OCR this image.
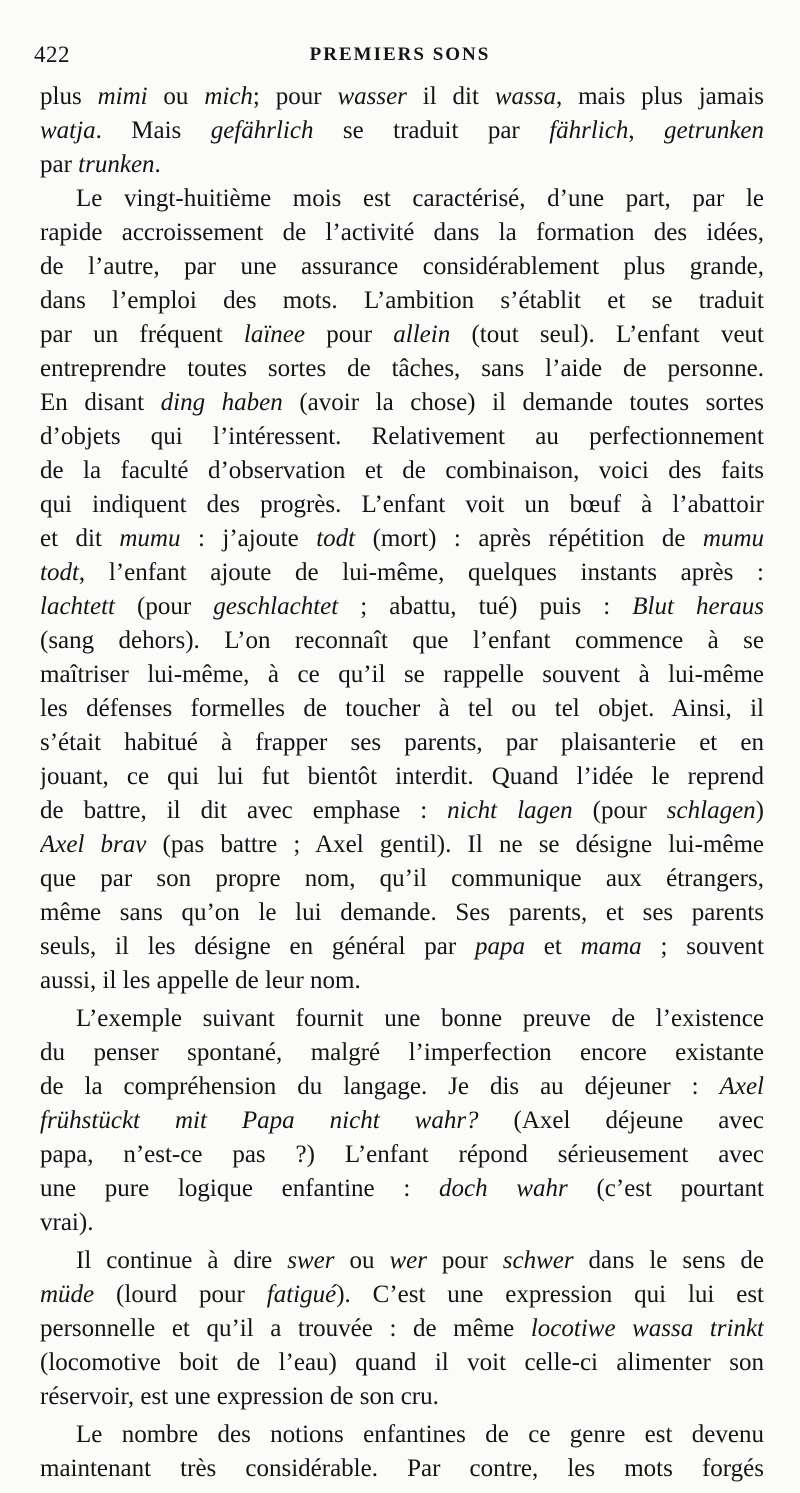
422	PREMIERS SONS
plus mimi ou mich; pour wasser il dit wassa, mais plus jamais
watja. Mais gefährlich se traduit par fährlich, getrunken
par trunken.
Le vingt-huitième mois est caractérisé, d’une part, par le
rapide accroissement de l’activité dans la formation des idées,
de l’autre, par une assurance considérablement plus grande,
dans l’emploi des mots. L’ambition s’établit et se traduit
par un fréquent laïnee pour allein (tout seul). L’enfant veut
entreprendre toutes sortes de tâches, sans l’aide de personne.
En disant ding haben (avoir la chose) il demande toutes sortes
d’objets qui l’intéressent. Relativement au perfectionnement
de la faculté d’observation et de combinaison, voici des faits
qui indiquent des progrès. L’enfant voit un bœuf à l’abattoir
et dit mumu : j’ajoute todt (mort) : après répétition de mumu
todt, l’enfant ajoute de lui-même, quelques instants après :
lachtett (pour geschlachtet ; abattu, tué) puis : Blut heraus
(sang dehors). L’on reconnaît que l’enfant commence à se
maîtriser lui-même, à ce qu’il se rappelle souvent à lui-même
les défenses formelles de toucher à tel ou tel objet. Ainsi, il
s’était habitué à frapper ses parents, par plaisanterie et en
jouant, ce qui lui fut bientôt interdit. Quand l’idée le reprend
de battre, il dit avec emphase : nicht lagen (pour schlagen)
Axel brav (pas battre ; Axel gentil). Il ne se désigne lui-même
que par son propre nom, qu’il communique aux étrangers,
même sans qu’on le lui demande. Ses parents, et ses parents
seuls, il les désigne en général par papa et mama ; souvent
aussi, il les appelle de leur nom.
L’exemple suivant fournit une bonne preuve de l’existence
du penser spontané, malgré l’imperfection encore existante
de la compréhension du langage. Je dis au déjeuner : Axel
frühstückt mit Papa nicht wahr? (Axel déjeune avec
papa, n’est-ce pas ?) L’enfant répond sérieusement avec
une pure logique enfantine : doch wahr (c’est pourtant
vrai).
Il continue à dire swer ou wer pour schwer dans le sens de
müde (lourd pour fatigué). C’est une expression qui lui est
personnelle et qu’il a trouvée : de même locotiwe wassa trinkt
(locomotive boit de l’eau) quand il voit celle-ci alimenter son
réservoir, est une expression de son cru.
Le nombre des notions enfantines de ce genre est devenu
maintenant très considérable. Par contre, les mots forgés
